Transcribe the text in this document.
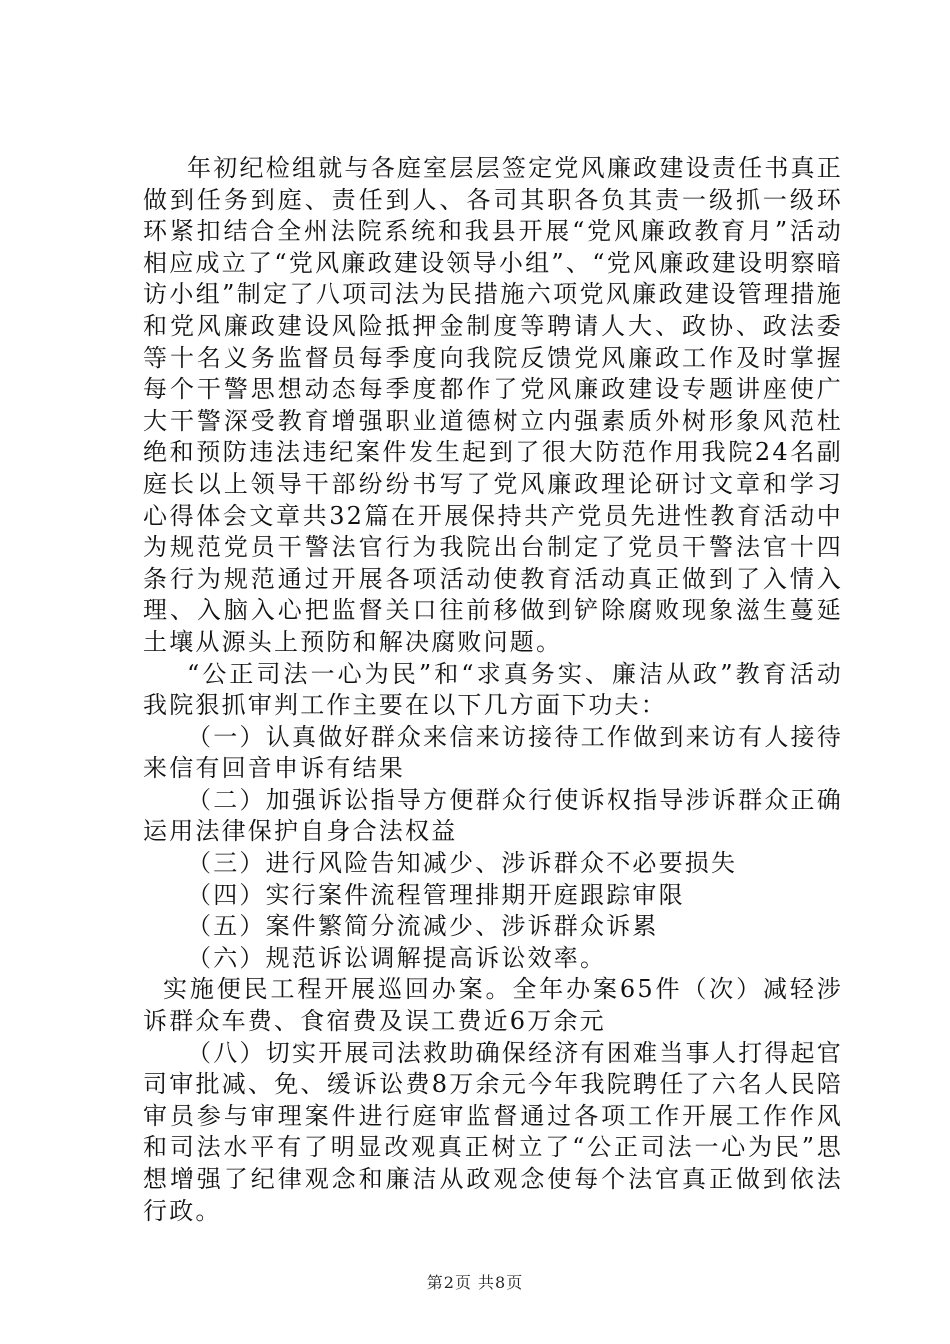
年初纪检组就与各庭室层层签定党风廉政建设责任书真正做到任务到庭、责任到人、各司其职各负其责一级抓一级环环紧扣结合全州法院系统和我县开展“党风廉政教育月”活动相应成立了“党风廉政建设领导小组”、“党风廉政建设明察暗访小组”制定了八项司法为民措施六项党风廉政建设管理措施和党风廉政建设风险抵押金制度等聘请人大、政协、政法委等十名义务监督员每季度向我院反馈党风廉政工作及时掌握每个干警思想动态每季度都作了党风廉政建设专题讲座使广大干警深受教育增强职业道德树立内强素质外树形象风范杜绝和预防违法违纪案件发生起到了很大防范作用我院24名副庭长以上领导干部纷纷书写了党风廉政理论研讨文章和学习心得体会文章共32篇在开展保持共产党员先进性教育活动中为规范党员干警法官行为我院出台制定了党员干警法官十四条行为规范通过开展各项活动使教育活动真正做到了入情入理、入脑入心把监督关口往前移做到铲除腐败现象滋生蔓延土壤从源头上预防和解决腐败问题。

“公正司法一心为民”和“求真务实、廉洁从政”教育活动我院狠抓审判工作主要在以下几方面下功夫：

（一）认真做好群众来信来访接待工作做到来访有人接待来信有回音申诉有结果

（二）加强诉讼指导方便群众行使诉权指导涉诉群众正确运用法律保护自身合法权益

（三）进行风险告知减少、涉诉群众不必要损失

（四）实行案件流程管理排期开庭跟踪审限

（五）案件繁简分流减少、涉诉群众诉累

（六）规范诉讼调解提高诉讼效率。

实施便民工程开展巡回办案。全年办案65件（次）减轻涉诉群众车费、食宿费及误工费近6万余元

（八）切实开展司法救助确保经济有困难当事人打得起官司审批减、免、缓诉讼费8万余元今年我院聘任了六名人民陪审员参与审理案件进行庭审监督通过各项工作开展工作作风和司法水平有了明显改观真正树立了“公正司法一心为民”思想增强了纪律观念和廉洁从政观念使每个法官真正做到依法行政。

第2页 共8页
